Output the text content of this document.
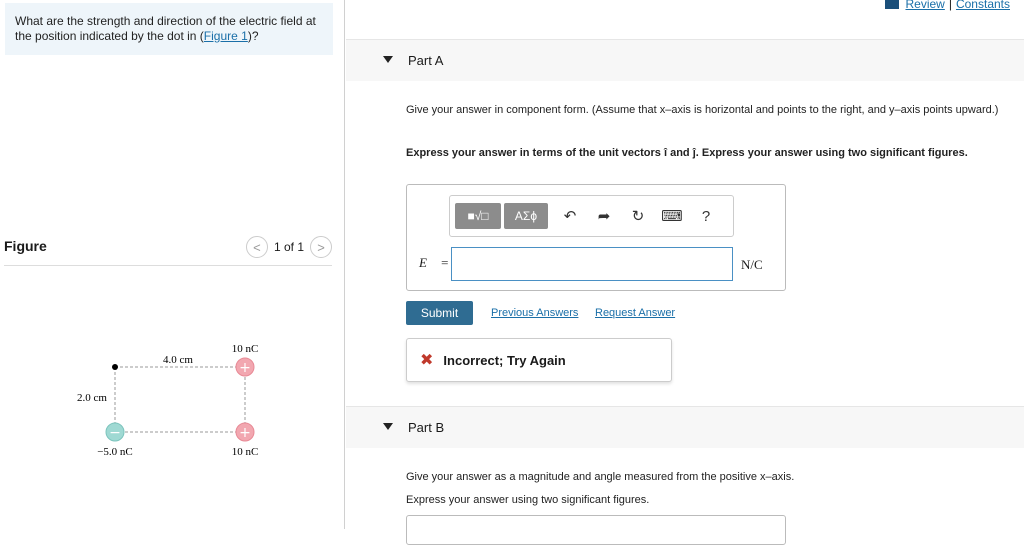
What are the strength and direction of the electric field at the position indicated by the dot in (Figure 1)?
Figure	<	1 of 1	>
+
+
−
4.0 cm
2.0 cm
10 nC
10 nC
−5.0 nC
Review | Constants
Part A
Give your answer in component form. (Assume that x–axis is horizontal and points to the right, and y–axis points upward.)
Express your answer in terms of the unit vectors î and ĵ. Express your answer using two significant figures.
■√□	AΣϕ	↶	➦	↻	⌨	?
E⃗ =	N/C
Submit	Previous Answers Request Answer
✖ Incorrect; Try Again
Part B
Give your answer as a magnitude and angle measured from the positive x–axis.
Express your answer using two significant figures.
